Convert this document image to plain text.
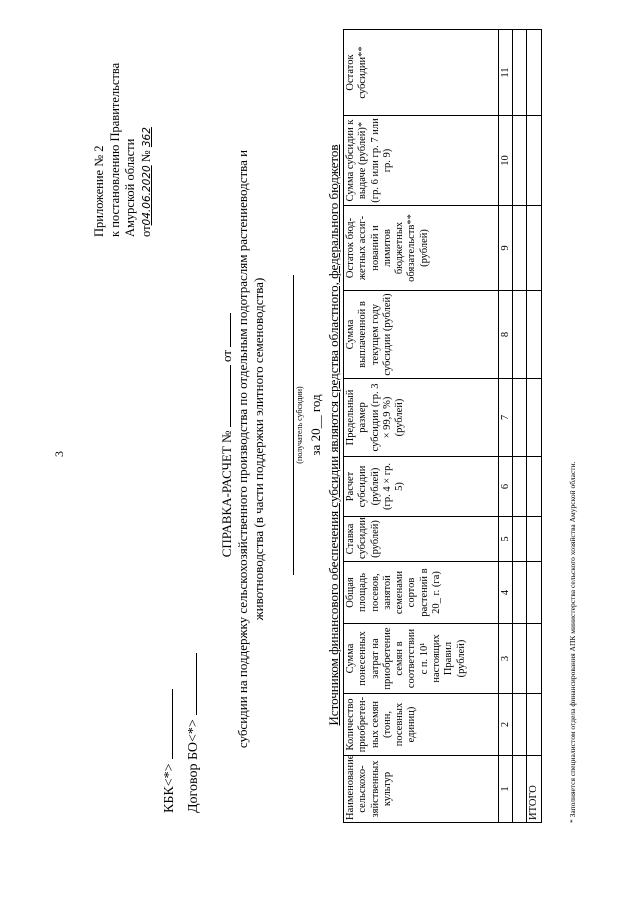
3
Приложение № 2 к постановлению Правительства Амурской области от04.06.2020 № 362
КБК<*> Договор БО<*>
СПРАВКА-РАСЧЕТ №  от субсидии на поддержку сельскохозяйственного производства по отдельным подотраслям растениеводства и животноводства (в части поддержки элитного семеноводства)	(получатель субсидии) за 20__ год Источником финансового обеспечения субсидии являются средства областного, федерального бюджетов
Наименование сельскохо- зяйственных культур	Количество приобретен- ных семян (тонн, посевных единиц)	Сумма понесенных затрат на приобретение семян в соответствии с п. 10¹ настоящих Правил (рублей)	Общая площадь посевов, занятой семенами сортов растений в 20_ г. (га)	Ставка субсидии (рублей)	Расчет субсидии (рублей) (гр. 4 × гр. 5)	Предельный размер субсидии (гр. 3 × 99,9 %) (рублей)	Сумма выплаченной в текущем году субсидии (рублей)	Остаток бюд- жетных ассиг- нований и лимитов бюджетных обязательств** (рублей)	Сумма субсидии к выдаче (рублей)* (гр. 6 или гр. 7 или гр. 9)	Остаток субсидии**
1	2	3	4	5	6	7	8	9	10	11

ИТОГО											* Заполняется специалистом отдела финансирования АПК министерства сельского хозяйства Амурской области.
